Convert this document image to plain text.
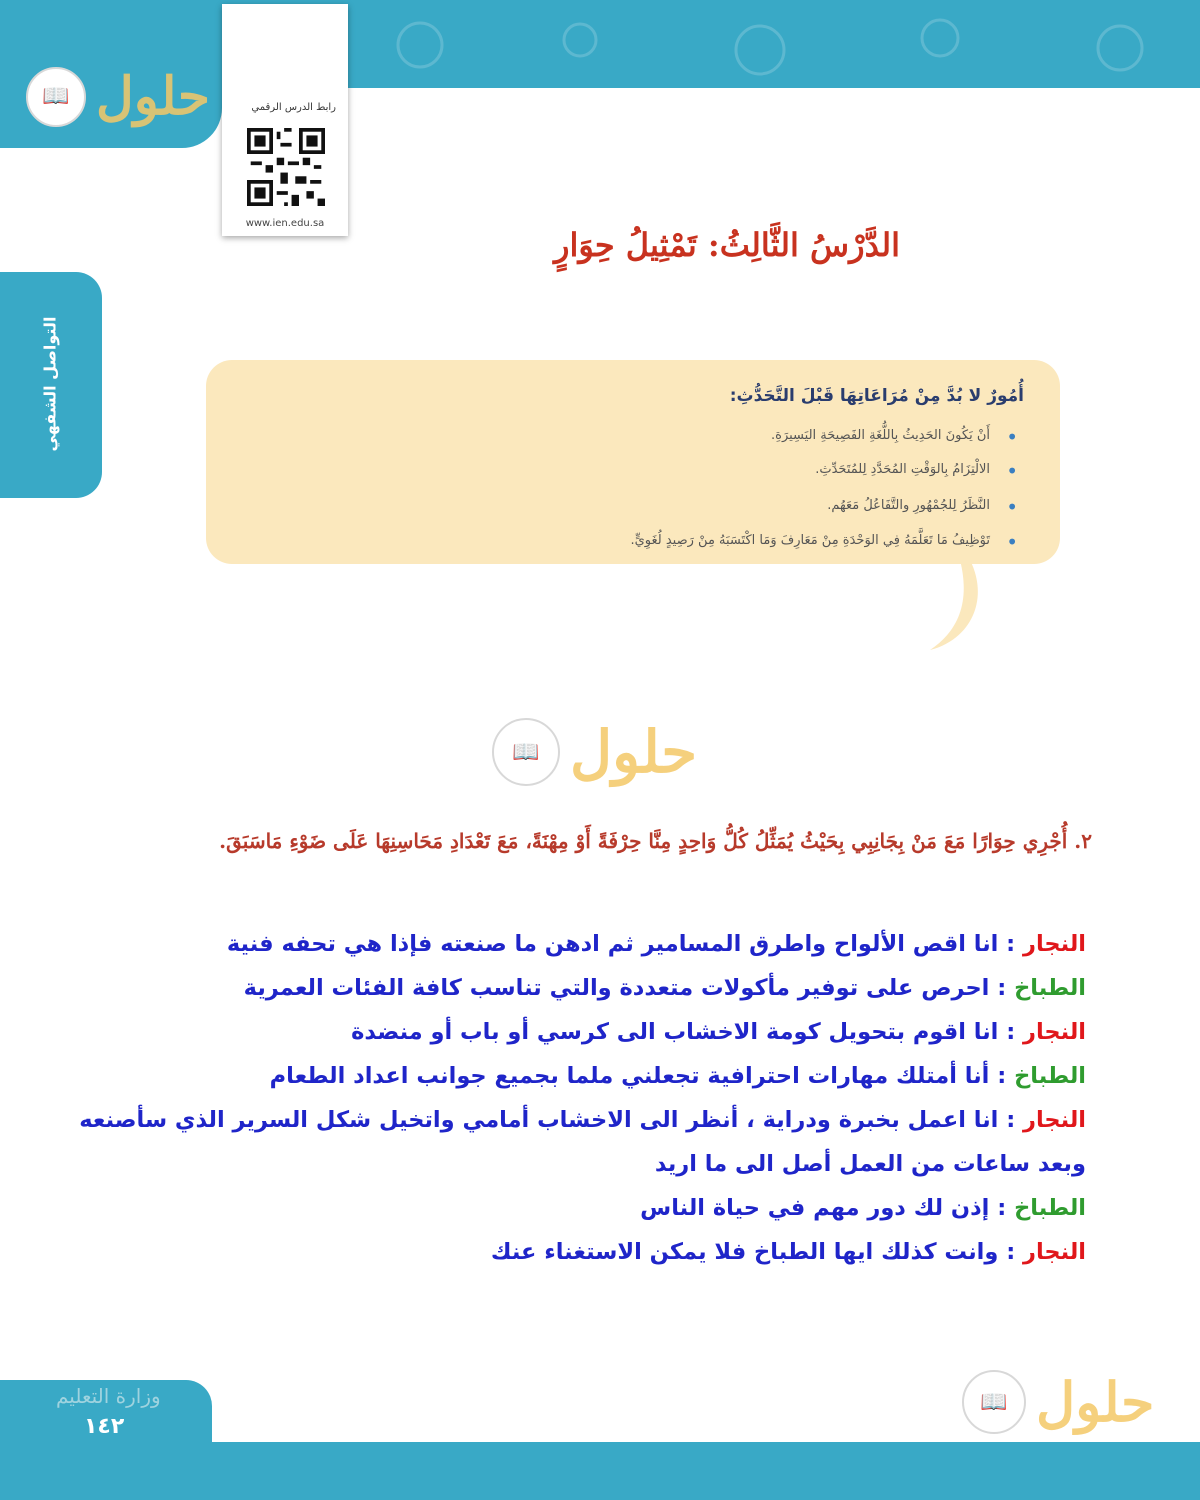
📖 حلول	رابط الدرس الرقمي
www.ien.edu.sa
التواصل الشفهي
الدَّرْسُ الثَّالِثُ: تَمْثِيلُ حِوَارٍ
أُمُورٌ لا بُدَّ مِنْ مُرَاعَاتِهَا قَبْلَ التَّحَدُّثِ:
أَنْ يَكُونَ الحَدِيثُ بِاللُّغَةِ الفَصِيحَةِ اليَسِيرَةِ. •
الالْتِزَامُ بِالوَقْتِ المُحَدَّدِ لِلمُتَحَدِّثِ. •
النَّظَرُ لِلجُمْهُورِ والتَّفَاعُلُ مَعَهُم. •
تَوْظِيفُ مَا تَعَلَّمَهُ فِي الوَحْدَةِ مِنْ مَعَارِفَ وَمَا اكْتَسَبَهُ مِنْ رَصِيدٍ لُغَوِيٍّ. •
📖 حلول
٢. أُجْرِي حِوَارًا مَعَ مَنْ بِجَانِبِي بِحَيْثُ يُمَثِّلُ كُلُّ وَاحِدٍ مِنَّا حِرْفَةً أَوْ مِهْنَةً، مَعَ تَعْدَادِ مَحَاسِنِهَا عَلَى ضَوْءِ مَاسَبَقَ.
النجار : انا اقص الألواح واطرق المسامير ثم ادهن ما صنعته فإذا هي تحفه فنية
الطباخ : احرص على توفير مأكولات متعددة والتي تناسب كافة الفئات العمرية
النجار : انا اقوم بتحويل كومة الاخشاب الى كرسي أو باب أو منضدة
الطباخ : أنا أمتلك مهارات احترافية تجعلني ملما بجميع جوانب اعداد الطعام
النجار : انا اعمل بخبرة ودراية ، أنظر الى الاخشاب أمامي واتخيل شكل السرير الذي سأصنعه وبعد ساعات من العمل أصل الى ما اريد
الطباخ : إذن لك دور مهم في حياة الناس
النجار : وانت كذلك ايها الطباخ فلا يمكن الاستغناء عنك
وزارة التعليم
١٤٢
📖 حلول
